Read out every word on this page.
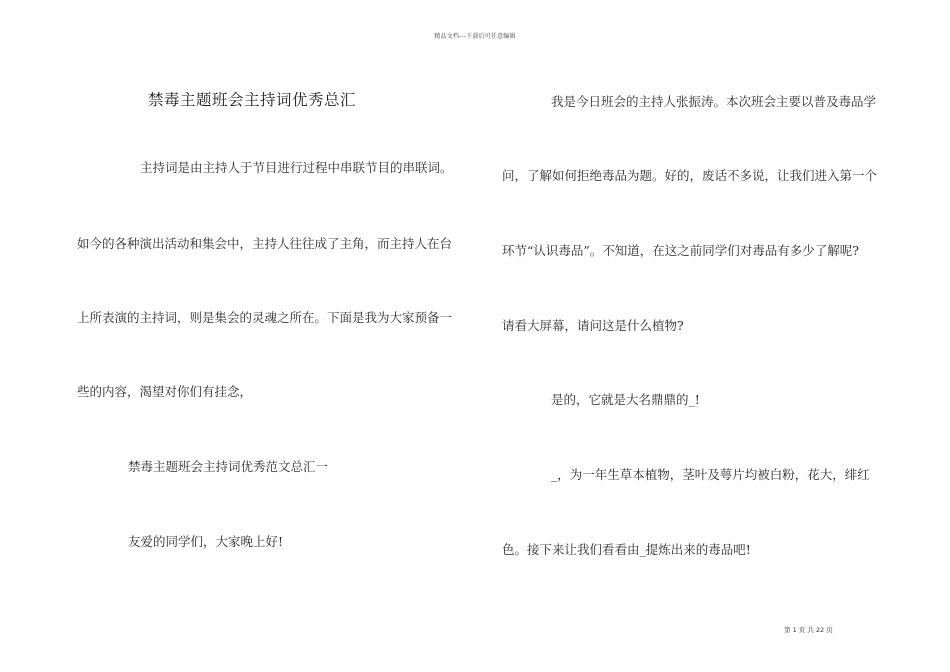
精品文档---下载后可任意编辑
禁毒主题班会主持词优秀总汇
主持词是由主持人于节目进行过程中串联节目的串联词。
如今的各种演出活动和集会中，主持人往往成了主角，而主持人在台
上所表演的主持词，则是集会的灵魂之所在。下面是我为大家预备一
些的内容，渴望对你们有挂念，
禁毒主题班会主持词优秀范文总汇一
友爱的同学们，大家晚上好!
我是今日班会的主持人张振涛。本次班会主要以普及毒品学
问，了解如何拒绝毒品为题。好的，废话不多说，让我们进入第一个
环节“认识毒品”。不知道，在这之前同学们对毒品有多少了解呢?
请看大屏幕，请问这是什么植物?
是的，它就是大名鼎鼎的_!
_，为一年生草本植物，茎叶及萼片均被白粉，花大，绯红
色。接下来让我们看看由_提炼出来的毒品吧!
第 1 页 共 22 页
